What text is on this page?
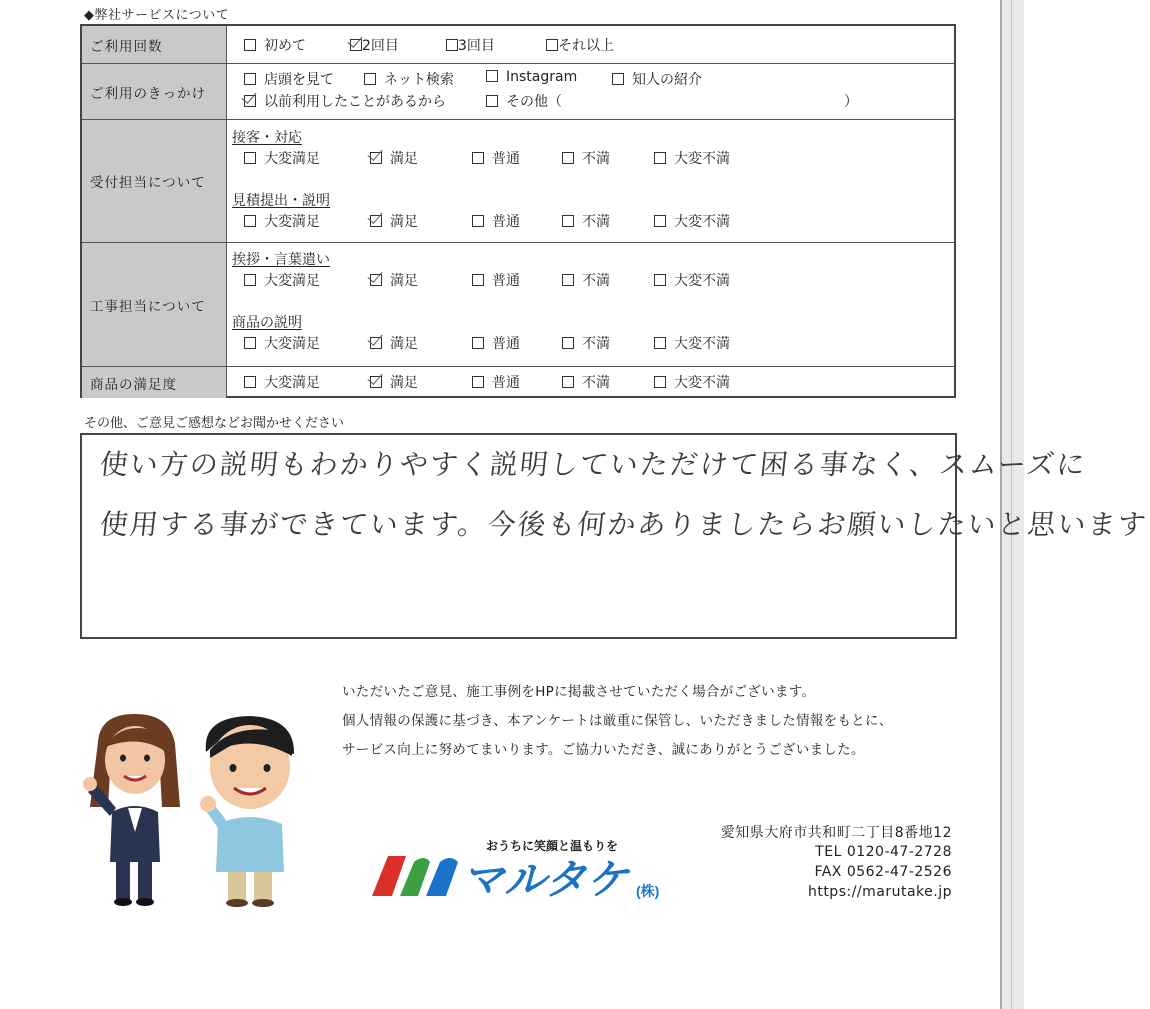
◆弊社サービスについて
ご利用回数	初めて	2回目	3回目	それ以上
ご利用のきっかけ
店頭を見て	ネット検索	Instagram	知人の紹介
以前利用したことがあるから	その他（	）
受付担当について
接客・対応
大変満足	満足	普通	不満	大変不満
見積提出・説明
大変満足	満足	普通	不満	大変不満
工事担当について
挨拶・言葉遣い
大変満足	満足	普通	不満	大変不満
商品の説明
大変満足	満足	普通	不満	大変不満
商品の満足度	大変満足	満足	普通	不満	大変不満
その他、ご意見ご感想などお聞かせください
使い方の説明もわかりやすく説明していただけて困る事なく、スムーズに
使用する事ができています。今後も何かありましたらお願いしたいと思います
いただいたご意見、施工事例をHPに掲載させていただく場合がございます。
個人情報の保護に基づき、本アンケートは厳重に保管し、いただきました情報をもとに、
サービス向上に努めてまいります。ご協力いただき、誠にありがとうございました。
おうちに笑顔と温もりを
マルタケ (株)
愛知県大府市共和町二丁目8番地12
TEL 0120-47-2728
FAX 0562-47-2526
https://marutake.jp
